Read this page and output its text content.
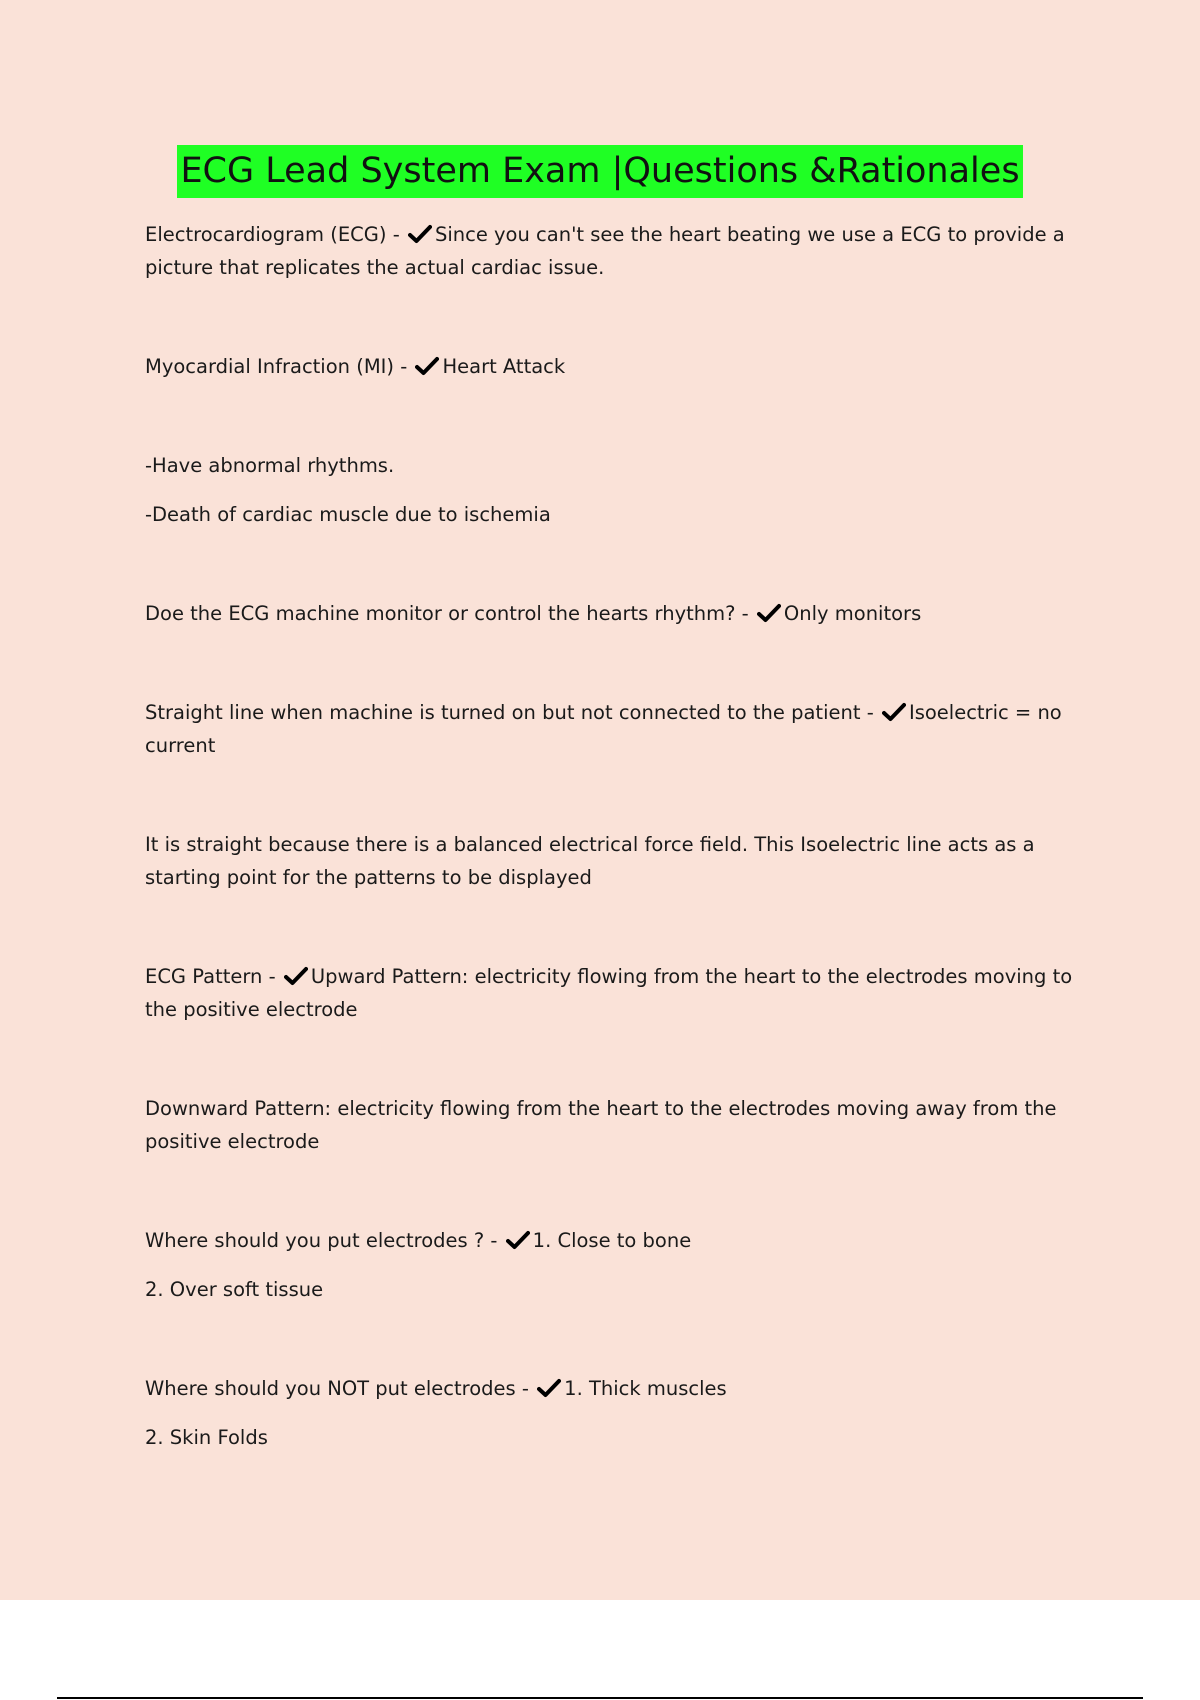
ECG Lead System Exam |Questions &Rationales

Electrocardiogram (ECG) -
Since you can't see the heart beating we use a ECG to provide a picture that replicates the actual cardiac issue.

Myocardial Infraction (MI) -
Heart Attack

-Have abnormal rhythms.

-Death of cardiac muscle due to ischemia

Doe the ECG machine monitor or control the hearts rhythm? -
Only monitors

Straight line when machine is turned on but not connected to the patient -
Isoelectric = no current

It is straight because there is a balanced electrical force field. This Isoelectric line acts as a starting point for the patterns to be displayed

ECG Pattern -
Upward Pattern: electricity flowing from the heart to the electrodes moving to the positive electrode

Downward Pattern: electricity flowing from the heart to the electrodes moving away from the positive electrode

Where should you put electrodes ? -
1. Close to bone

2. Over soft tissue

Where should you NOT put electrodes -
1. Thick muscles

2. Skin Folds
